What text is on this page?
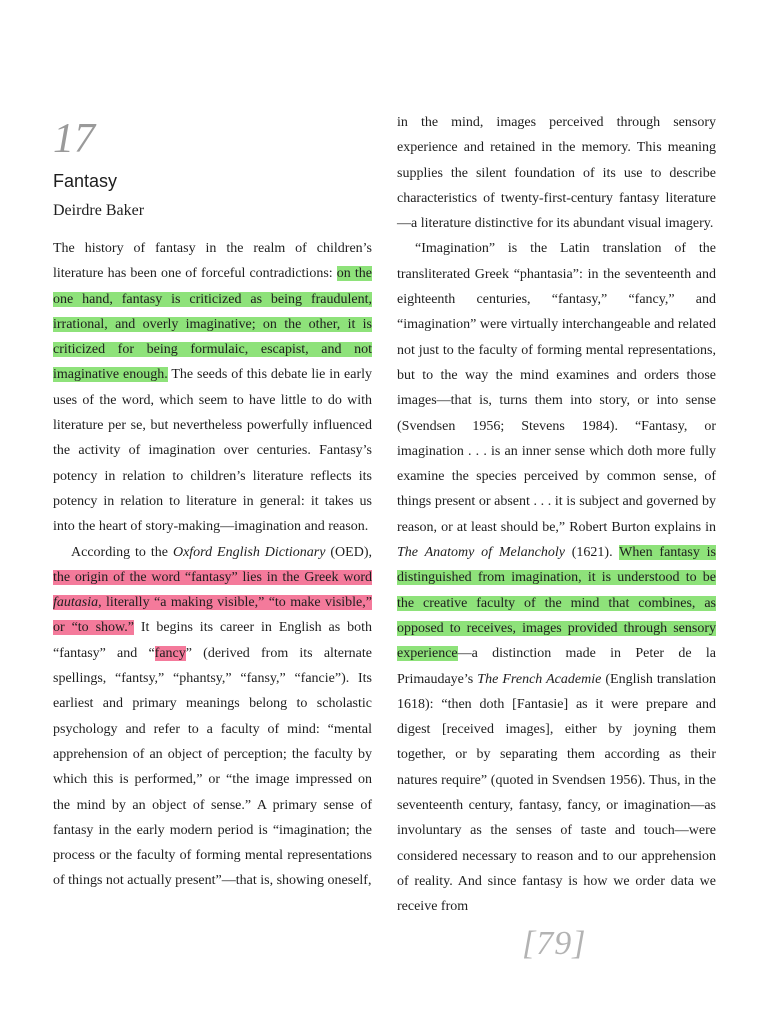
17
Fantasy
Deirdre Baker

The history of fantasy in the realm of children’s literature has been one of forceful contradictions: on the one hand, fantasy is criticized as being fraudulent, irrational, and overly imaginative; on the other, it is criticized for being formulaic, escapist, and not imaginative enough. The seeds of this debate lie in early uses of the word, which seem to have little to do with literature per se, but nevertheless powerfully influenced the activity of imagination over centuries. Fantasy’s potency in relation to children’s literature reflects its potency in relation to literature in general: it takes us into the heart of story-making—imagination and reason.

According to the Oxford English Dictionary (OED), the origin of the word “fantasy” lies in the Greek word fautasia, literally “a making visible,” “to make visible,” or “to show.” It begins its career in English as both “fantasy” and “fancy” (derived from its alternate spellings, “fantsy,” “phantsy,” “fansy,” “fancie”). Its earliest and primary meanings belong to scholastic psychology and refer to a faculty of mind: “mental apprehension of an object of perception; the faculty by which this is performed,” or “the image impressed on the mind by an object of sense.” A primary sense of fantasy in the early modern period is “imagination; the process or the faculty of forming mental representations of things not actually present”—that is, showing oneself,

in the mind, images perceived through sensory experience and retained in the memory. This meaning supplies the silent foundation of its use to describe characteristics of twenty-first-century fantasy literature—a literature distinctive for its abundant visual imagery.

“Imagination” is the Latin translation of the transliterated Greek “phantasia”: in the seventeenth and eighteenth centuries, “fantasy,” “fancy,” and “imagination” were virtually interchangeable and related not just to the faculty of forming mental representations, but to the way the mind examines and orders those images—that is, turns them into story, or into sense (Svendsen 1956; Stevens 1984). “Fantasy, or imagination . . . is an inner sense which doth more fully examine the species perceived by common sense, of things present or absent . . . it is subject and governed by reason, or at least should be,” Robert Burton explains in The Anatomy of Melancholy (1621). When fantasy is distinguished from imagination, it is understood to be the creative faculty of the mind that combines, as opposed to receives, images provided through sensory experience—a distinction made in Peter de la Primaudaye’s The French Academie (English translation 1618): “then doth [Fantasie] as it were prepare and digest [received images], either by joyning them together, or by separating them according as their natures require” (quoted in Svendsen 1956). Thus, in the seventeenth century, fantasy, fancy, or imagination—as involuntary as the senses of taste and touch—were considered necessary to reason and to our apprehension of reality. And since fantasy is how we order data we receive from

[79]
